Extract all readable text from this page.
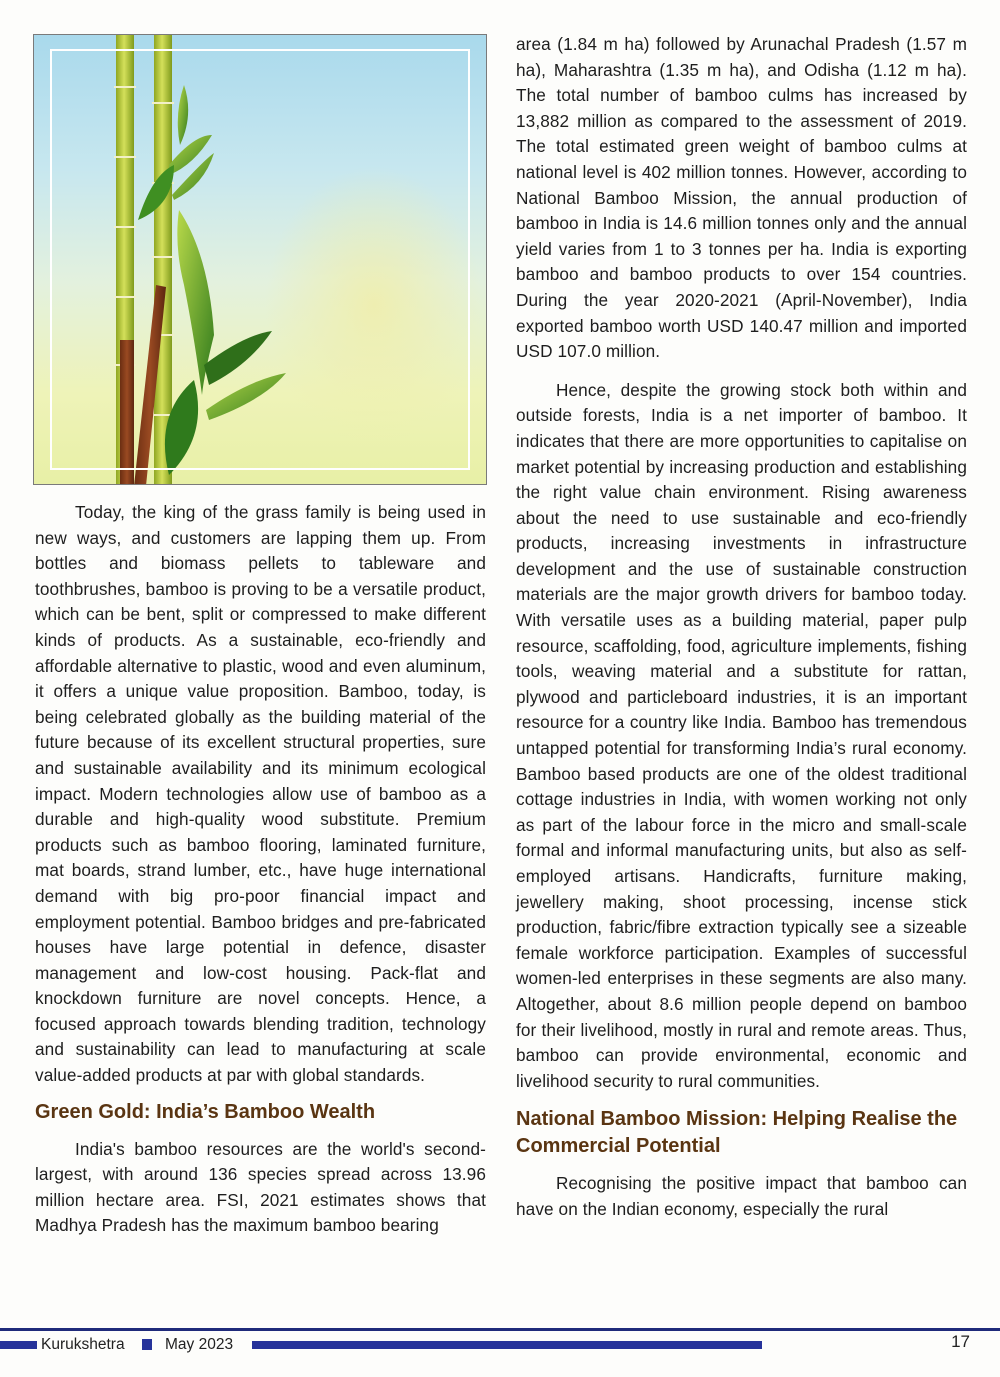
Today, the king of the grass family is being used in new ways, and customers are lapping them up. From bottles and biomass pellets to tableware and toothbrushes, bamboo is proving to be a versatile product, which can be bent, split or compressed to make different kinds of products. As a sustainable, eco-friendly and affordable alternative to plastic, wood and even aluminum, it offers a unique value proposition. Bamboo, today, is being celebrated globally as the building material of the future because of its excellent structural properties, sure and sustainable availability and its minimum ecological impact. Modern technologies allow use of bamboo as a durable and high-quality wood substitute. Premium products such as bamboo flooring, laminated furniture, mat boards, strand lumber, etc., have huge international demand with big pro-poor financial impact and employment potential. Bamboo bridges and pre-fabricated houses have large potential in defence, disaster management and low-cost housing. Pack-flat and knockdown furniture are novel concepts. Hence, a focused approach towards blending tradition, technology and sustainability can lead to manufacturing at scale value-added products at par with global standards.

Green Gold: India’s Bamboo Wealth

India's bamboo resources are the world's second-largest, with around 136 species spread across 13.96 million hectare area. FSI, 2021 estimates shows that Madhya Pradesh has the maximum bamboo bearing

area (1.84 m ha) followed by Arunachal Pradesh (1.57 m ha), Maharashtra (1.35 m ha), and Odisha (1.12 m ha). The total number of bamboo culms has increased by 13,882 million as compared to the assessment of 2019. The total estimated green weight of bamboo culms at national level is 402 million tonnes. However, according to National Bamboo Mission, the annual production of bamboo in India is 14.6 million tonnes only and the annual yield varies from 1 to 3 tonnes per ha. India is exporting bamboo and bamboo products to over 154 countries. During the year 2020-2021 (April-November), India exported bamboo worth USD 140.47 million and imported USD 107.0 million.

Hence, despite the growing stock both within and outside forests, India is a net importer of bamboo. It indicates that there are more opportunities to capitalise on market potential by increasing production and establishing the right value chain environment. Rising awareness about the need to use sustainable and eco-friendly products, increasing investments in infrastructure development and the use of sustainable construction materials are the major growth drivers for bamboo today. With versatile uses as a building material, paper pulp resource, scaffolding, food, agriculture implements, fishing tools, weaving material and a substitute for rattan, plywood and particleboard industries, it is an important resource for a country like India. Bamboo has tremendous untapped potential for transforming India’s rural economy. Bamboo based products are one of the oldest traditional cottage industries in India, with women working not only as part of the labour force in the micro and small-scale formal and informal manufacturing units, but also as self-employed artisans. Handicrafts, furniture making, jewellery making, shoot processing, incense stick production, fabric/fibre extraction typically see a sizeable female workforce participation. Examples of successful women-led enterprises in these segments are also many. Altogether, about 8.6 million people depend on bamboo for their livelihood, mostly in rural and remote areas. Thus, bamboo can provide environmental, economic and livelihood security to rural communities.

National Bamboo Mission: Helping Realise the Commercial Potential

Recognising the positive impact that bamboo can have on the Indian economy, especially the rural

Kurukshetra	May 2023	17
